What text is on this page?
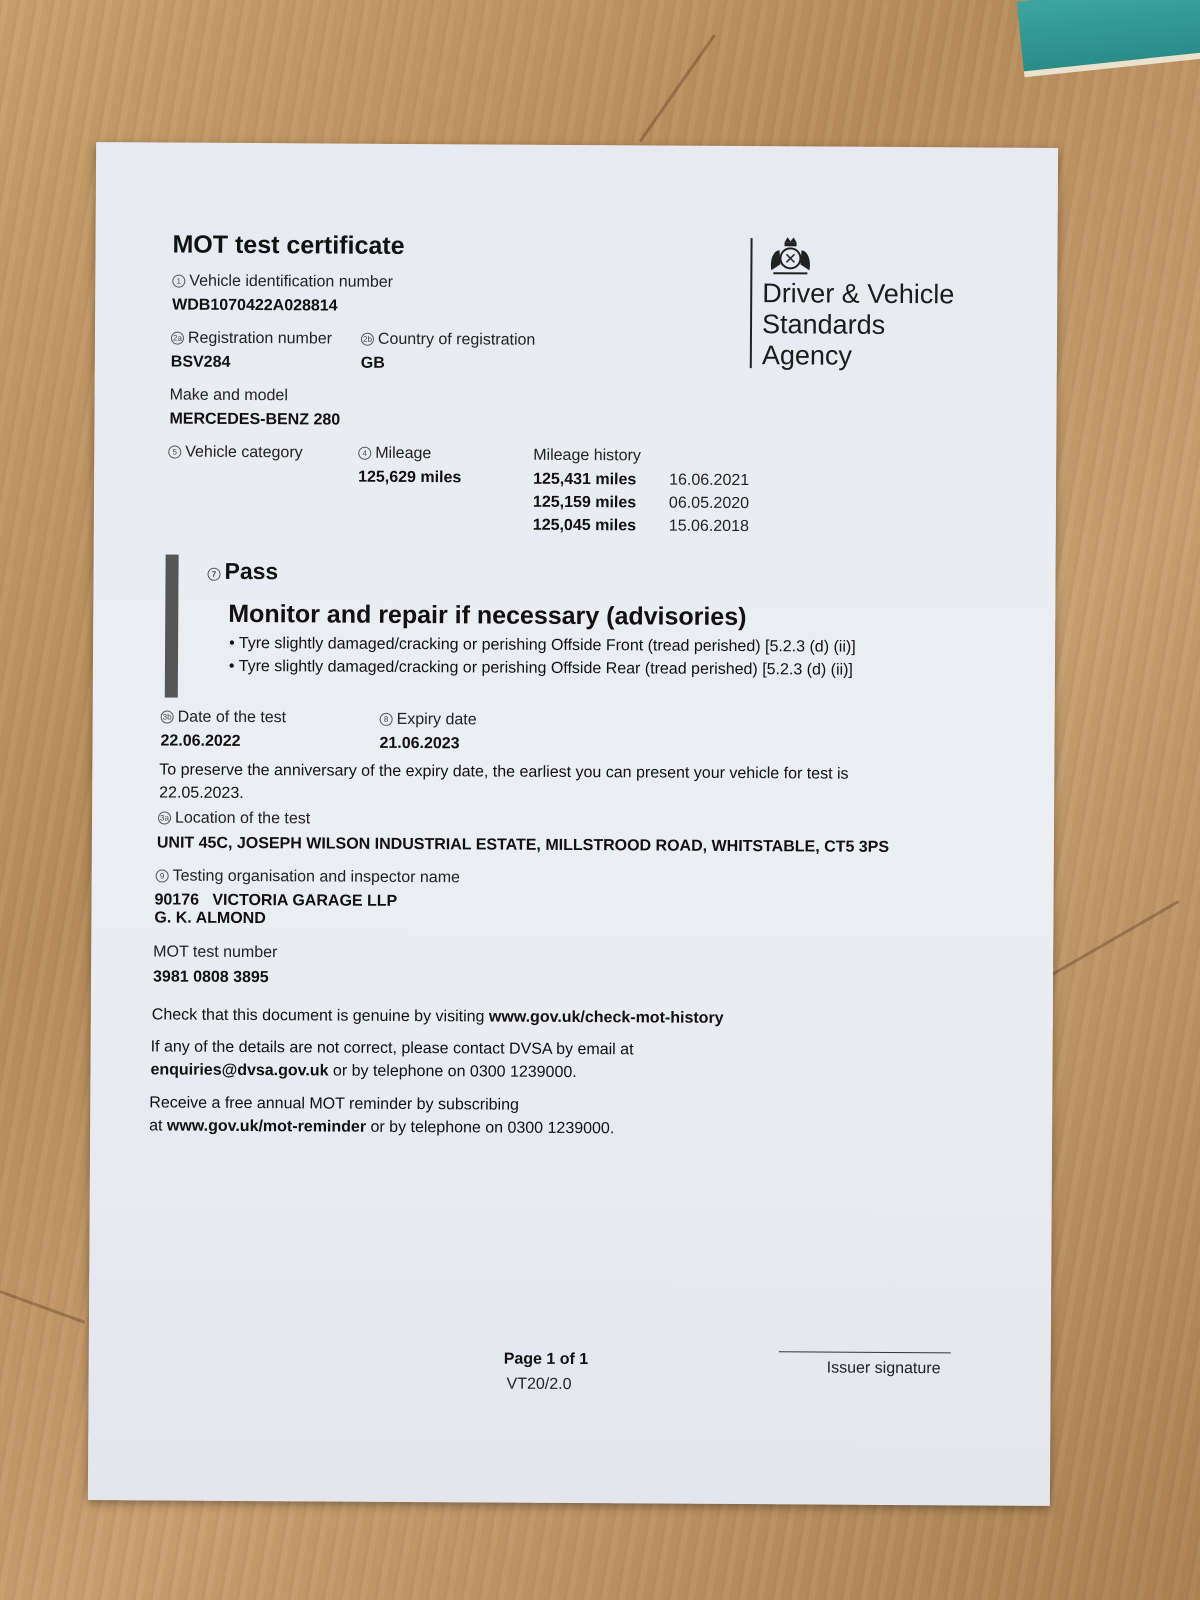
MOT test certificate
1 Vehicle identification number
WDB1070422A028814
2a Registration number
BSV284
2b Country of registration
GB
Make and model
MERCEDES-BENZ 280
5 Vehicle category	4 Mileage
125,629 miles
Mileage history
125,431 miles 16.06.2021
125,159 miles 06.05.2020
125,045 miles 15.06.2018
Driver & Vehicle
Standards
Agency
7 Pass
Monitor and repair if necessary (advisories)
• Tyre slightly damaged/cracking or perishing Offside Front (tread perished) [5.2.3 (d) (ii)]
• Tyre slightly damaged/cracking or perishing Offside Rear (tread perished) [5.2.3 (d) (ii)]
3b Date of the test
22.06.2022
8 Expiry date
21.06.2023
To preserve the anniversary of the expiry date, the earliest you can present your vehicle for test is
22.05.2023.
3a Location of the test
UNIT 45C, JOSEPH WILSON INDUSTRIAL ESTATE, MILLSTROOD ROAD, WHITSTABLE, CT5 3PS
9 Testing organisation and inspector name
90176   VICTORIA GARAGE LLP
G. K. ALMOND
MOT test number
3981 0808 3895
Check that this document is genuine by visiting www.gov.uk/check-mot-history
If any of the details are not correct, please contact DVSA by email at
enquiries@dvsa.gov.uk or by telephone on 0300 1239000.
Receive a free annual MOT reminder by subscribing
at www.gov.uk/mot-reminder or by telephone on 0300 1239000.
Page 1 of 1
VT20/2.0
Issuer signature
